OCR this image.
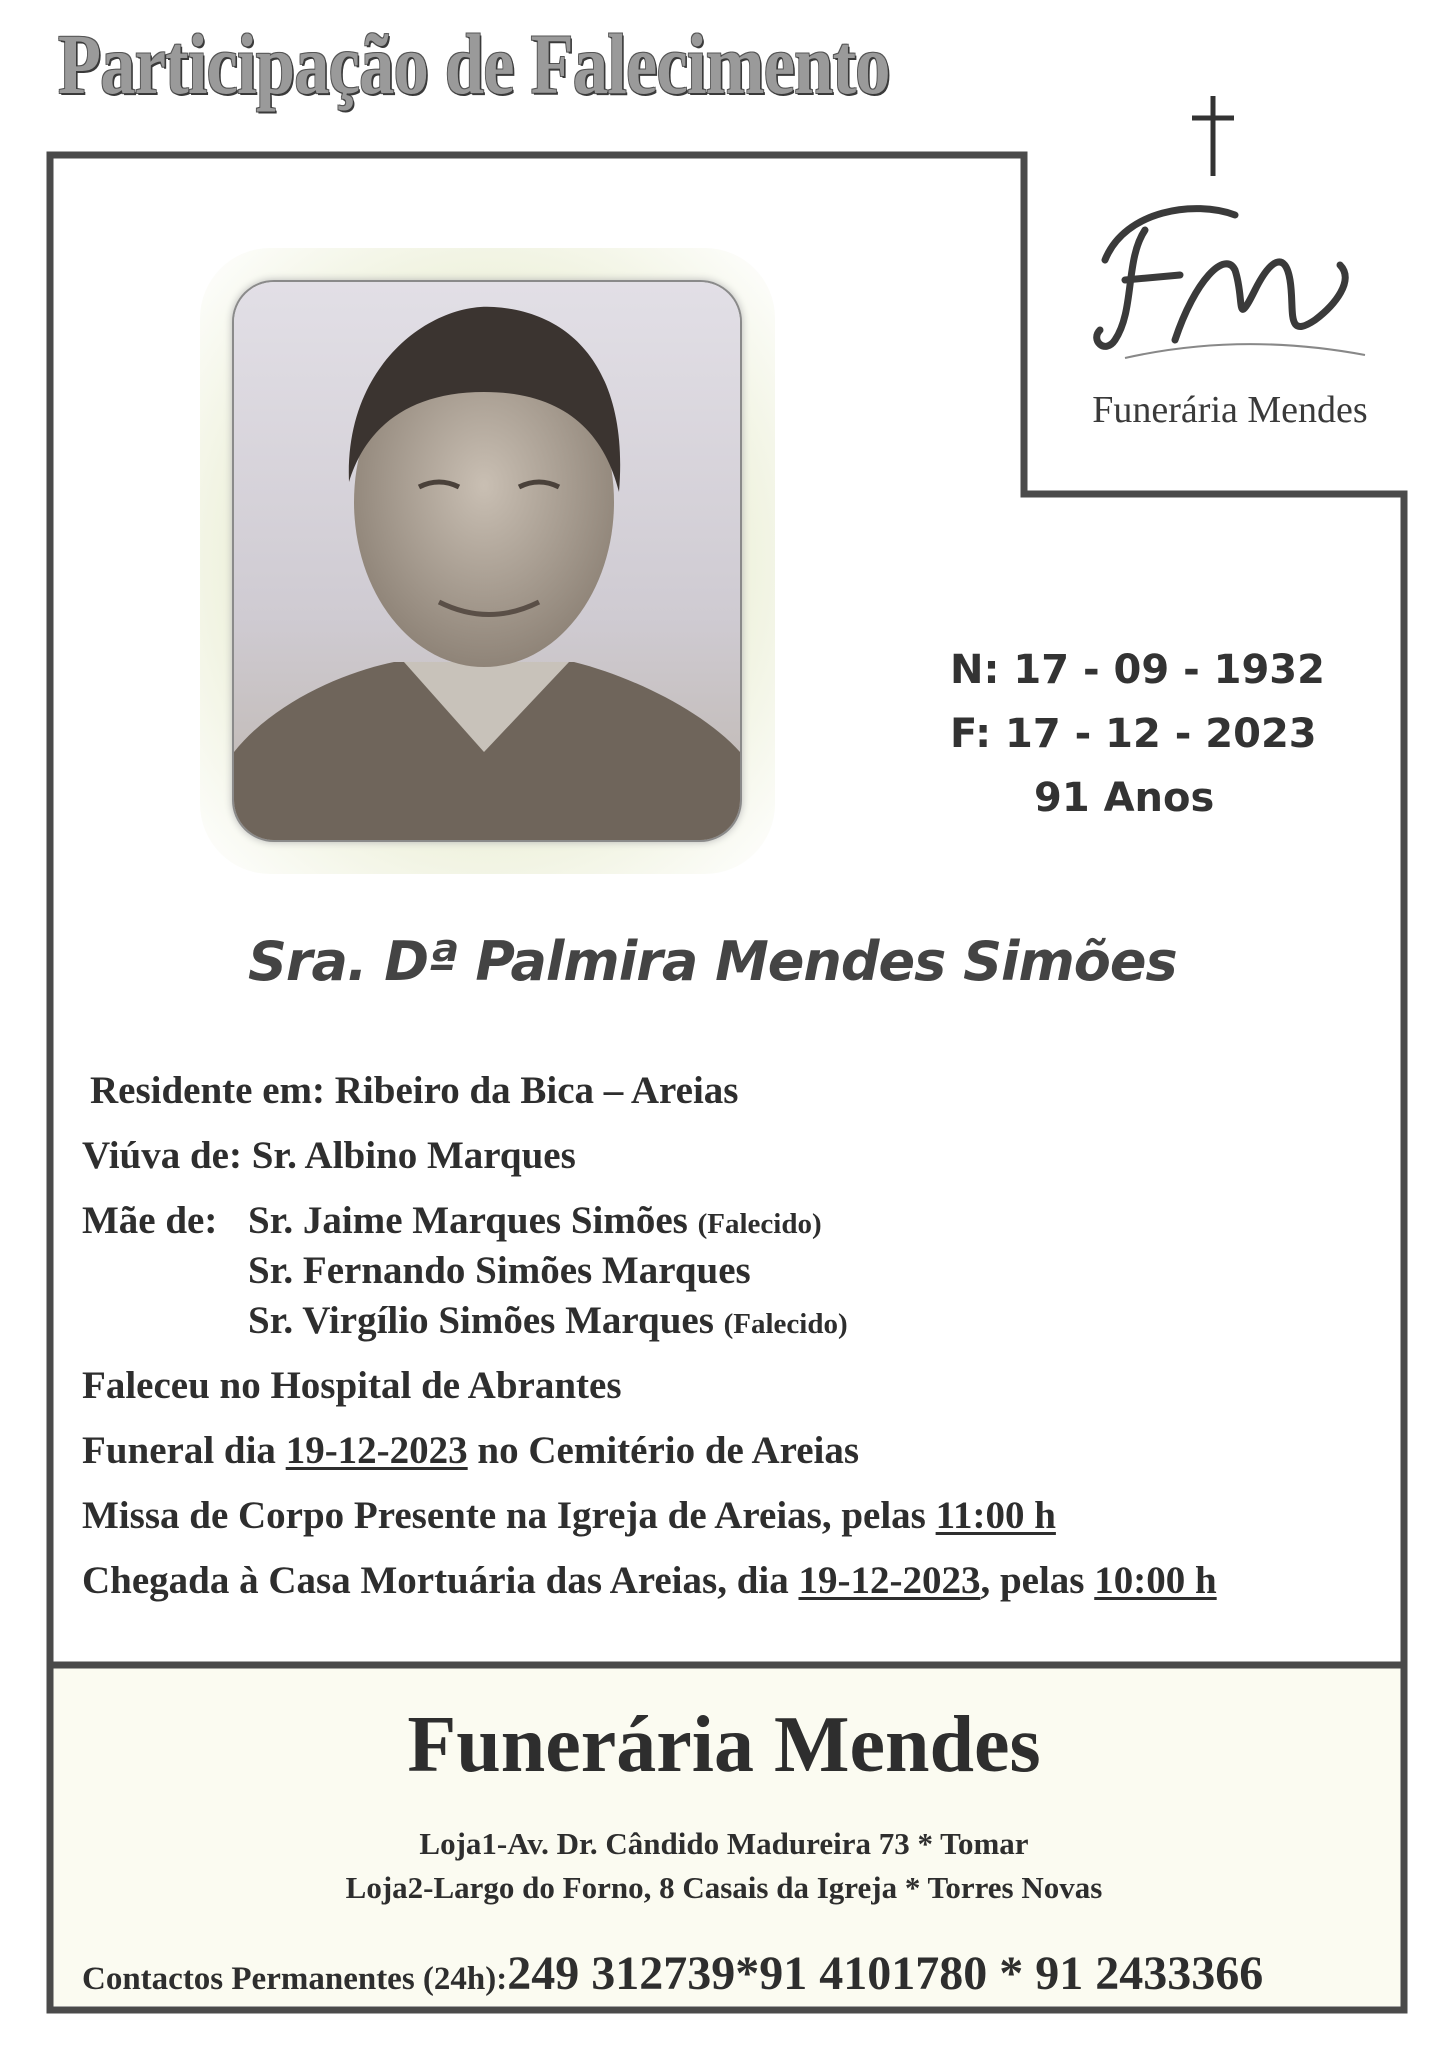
Participação de Falecimento
Funerária Mendes
N: 17 - 09 - 1932
F: 17 - 12 - 2023
91 Anos
Sra. Dª Palmira Mendes Simões
Residente em: Ribeiro da Bica – Areias
Viúva de: Sr. Albino Marques
Mãe de: Sr. Jaime Marques Simões (Falecido)
Sr. Fernando Simões Marques
Sr. Virgílio Simões Marques (Falecido)
Faleceu no Hospital de Abrantes
Funeral dia 19-12-2023 no Cemitério de Areias
Missa de Corpo Presente na Igreja de Areias, pelas 11:00 h
Chegada à Casa Mortuária das Areias, dia 19-12-2023, pelas 10:00 h
Funerária Mendes
Loja1-Av. Dr. Cândido Madureira 73 * Tomar
Loja2-Largo do Forno, 8 Casais da Igreja * Torres Novas
Contactos Permanentes (24h):249 312739*91 4101780 * 91 2433366
